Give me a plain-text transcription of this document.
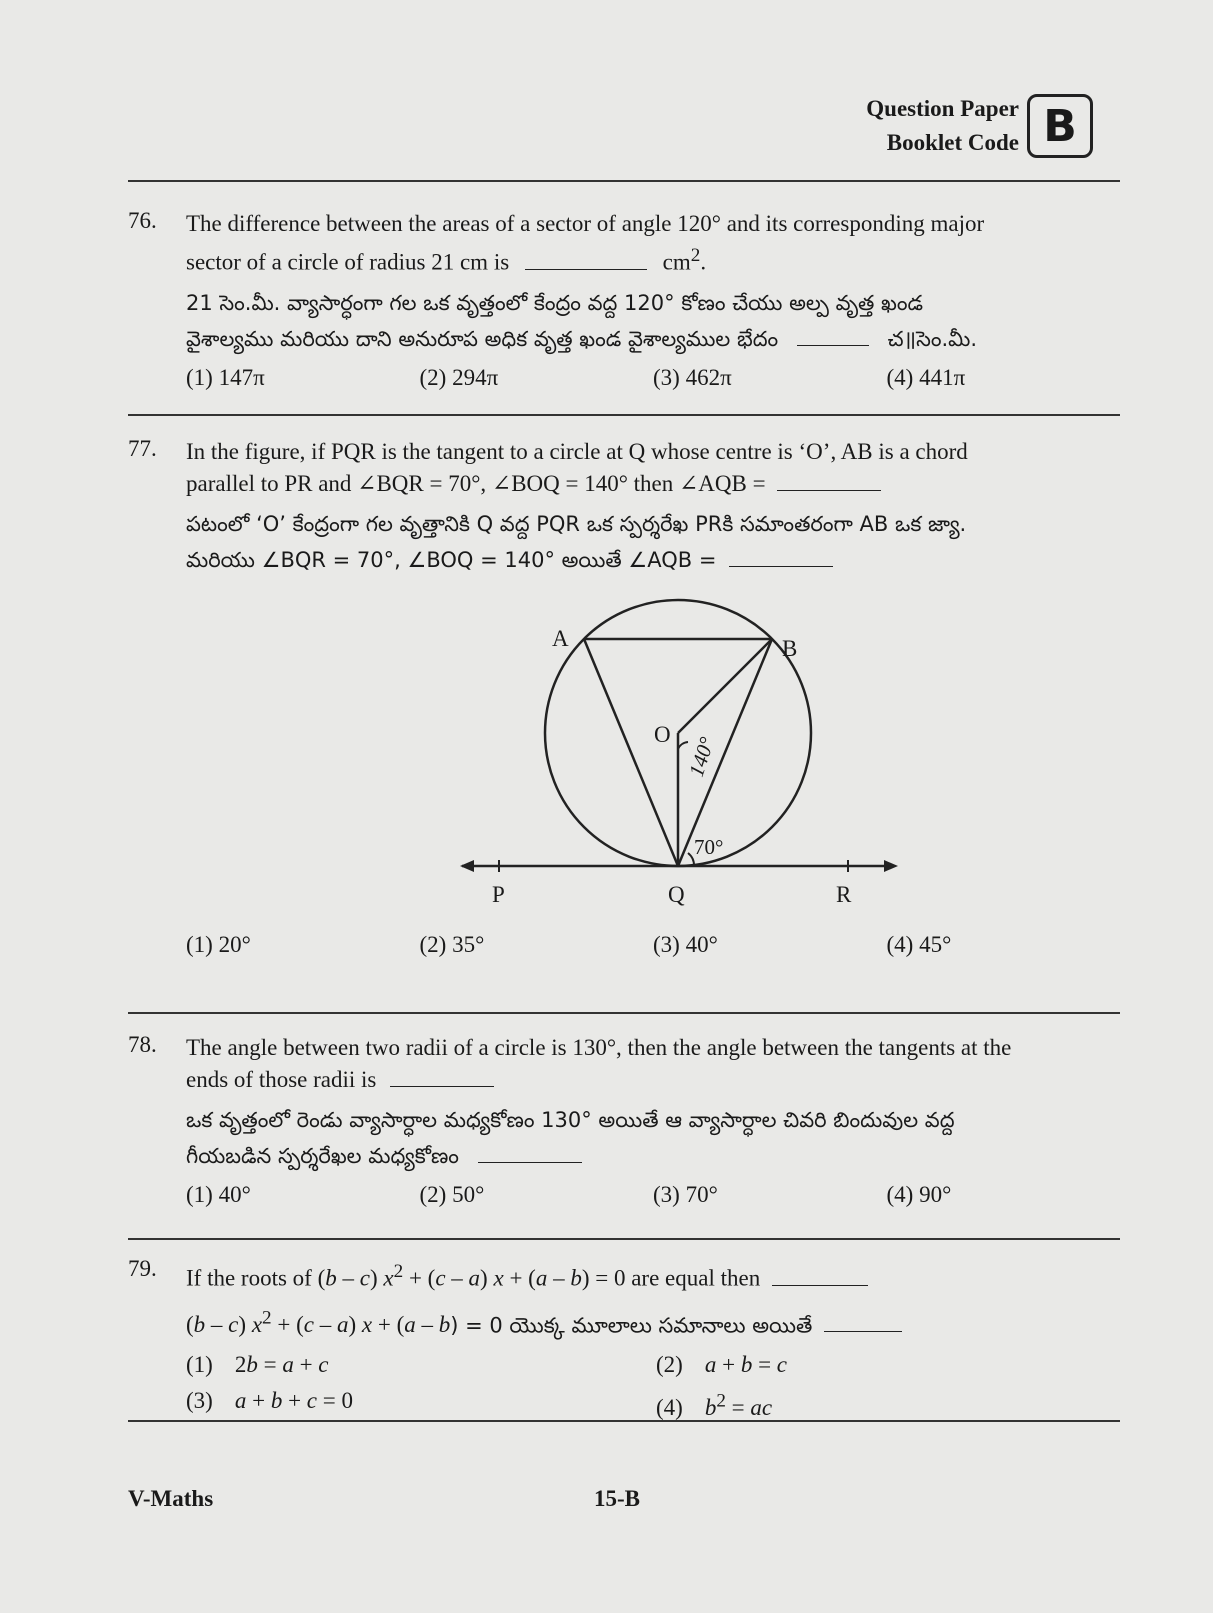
Question Paper
Booklet Code B
76. The difference between the areas of a sector of angle 120° and its corresponding major
sector of a circle of radius 21 cm is	$cm^2$.
21 సెం.మీ. వ్యాసార్ధంగా గల ఒక వృత్తంలో కేంద్రం వద్ద 120° కోణం చేయు అల్ప వృత్త ఖండ
వైశాల్యము మరియు దాని అనురూప అధిక వృత్త ఖండ వైశాల్యముల భేదం	చ॥సెం.మీ.
(1) 147π	(2) 294π	(3) 462π	(4) 441π
77. In the figure, if PQR is the tangent to a circle at Q whose centre is ‘O’, AB is a chord
parallel to PR and ∠BQR = 70°, ∠BOQ = 140° then ∠AQB =
పటంలో ‘O’ కేంద్రంగా గల వృత్తానికి Q వద్ద PQR ఒక స్పర్శరేఖ PRకి సమాంతరంగా AB ఒక జ్యా.
మరియు ∠BQR = 70°, ∠BOQ = 140° అయితే ∠AQB =
A	B
O
P	Q	R
70°
140°
(1) 20°	(2) 35°	(3) 40°	(4) 45°
78. The angle between two radii of a circle is 130°, then the angle between the tangents at the
ends of those radii is
ఒక వృత్తంలో రెండు వ్యాసార్ధాల మధ్యకోణం 130° అయితే ఆ వ్యాసార్ధాల చివరి బిందువుల వద్ద
గీయబడిన స్పర్శరేఖల మధ్యకోణం
(1) 40°	(2) 50°	(3) 70°	(4) 90°
79. If the roots of (b – c) $x^2 + (c - a) x + (a - b) = 0$ are equal then
(b – c) $x^2 + (c - a) x + (a - b) = 0$ యొక్క మూలాలు సమానాలు అయితే
(1) 2b = a + c	(2) a + b = c
(3) a + b + c = 0	(4) $b^2$ = ac
V-Maths	15-B
